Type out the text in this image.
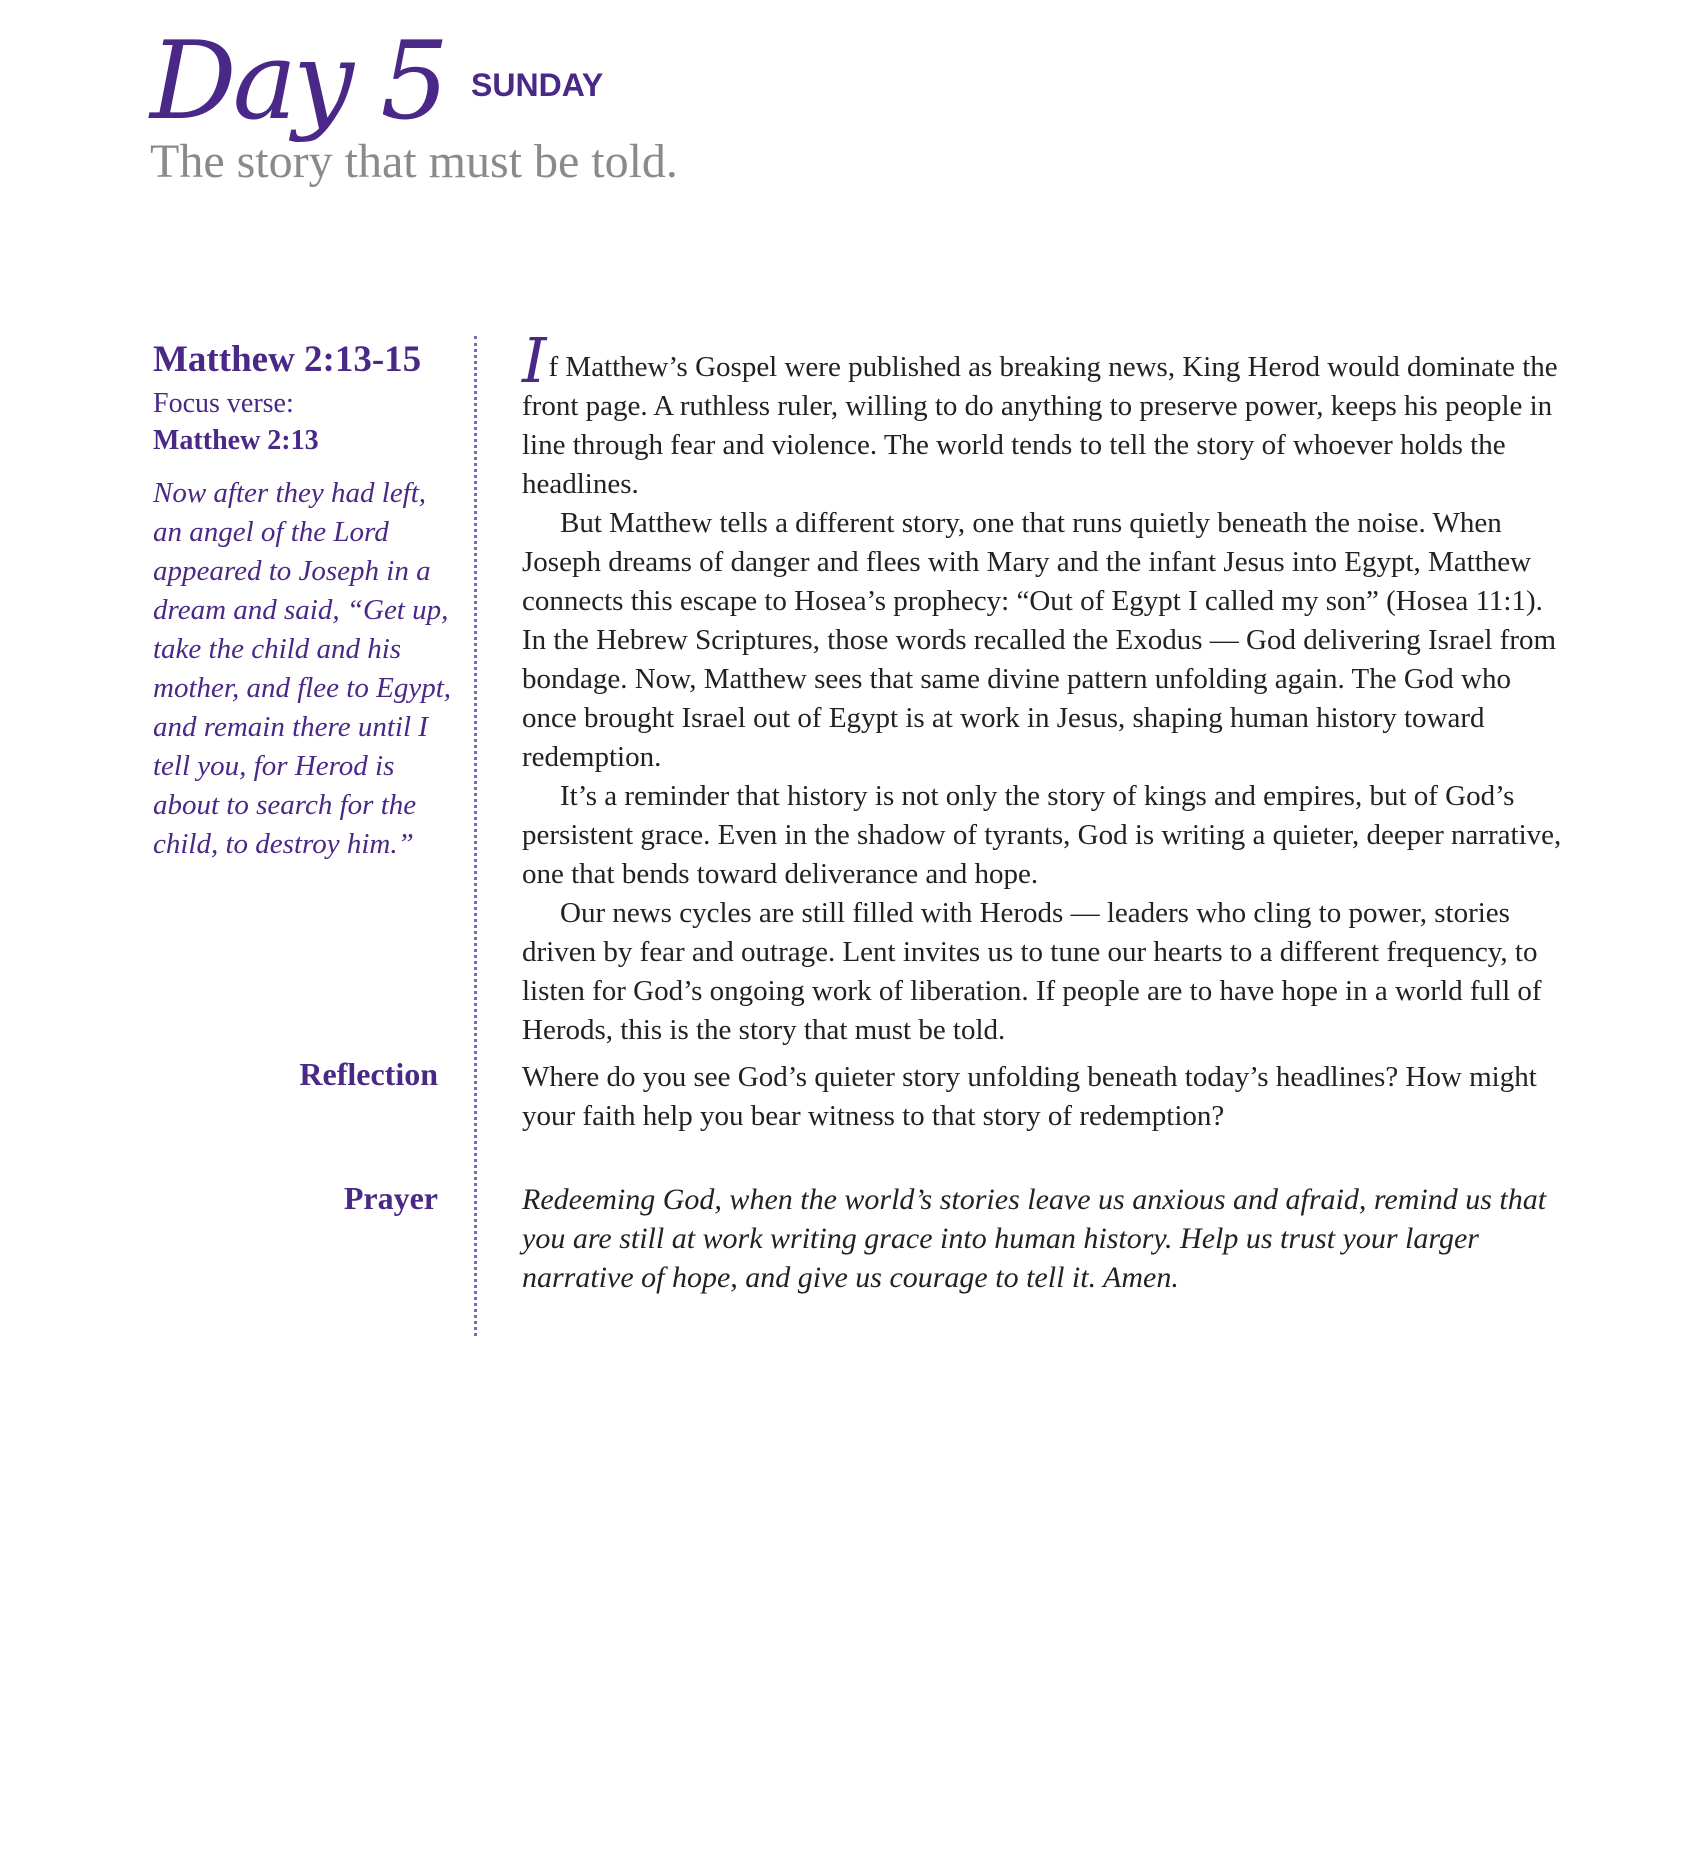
Day 5 SUNDAY
The story that must be told.
Matthew 2:13-15
Focus verse:
Matthew 2:13
Now after they had left, an angel of the Lord appeared to Joseph in a dream and said, “Get up, take the child and his mother, and flee to Egypt, and remain there until I tell you, for Herod is about to search for the child, to destroy him.”
Reflection
Prayer

If Matthew’s Gospel were published as breaking news, King Herod would dominate the front page. A ruthless ruler, willing to do anything to preserve power, keeps his people in line through fear and violence. The world tends to tell the story of whoever holds the headlines.

But Matthew tells a different story, one that runs quietly beneath the noise. When Joseph dreams of danger and flees with Mary and the infant Jesus into Egypt, Matthew connects this escape to Hosea’s prophecy: “Out of Egypt I called my son” (Hosea 11:1). In the Hebrew Scriptures, those words recalled the Exodus — God delivering Israel from bondage. Now, Matthew sees that same divine pattern unfolding again. The God who once brought Israel out of Egypt is at work in Jesus, shaping human history toward redemption.

It’s a reminder that history is not only the story of kings and empires, but of God’s persistent grace. Even in the shadow of tyrants, God is writing a quieter, deeper narrative, one that bends toward deliverance and hope.

Our news cycles are still filled with Herods — leaders who cling to power, stories driven by fear and outrage. Lent invites us to tune our hearts to a different frequency, to listen for God’s ongoing work of liberation. If people are to have hope in a world full of Herods, this is the story that must be told.

Where do you see God’s quieter story unfolding beneath today’s headlines? How might your faith help you bear witness to that story of redemption?

Redeeming God, when the world’s stories leave us anxious and afraid, remind us that you are still at work writing grace into human history. Help us trust your larger narrative of hope, and give us courage to tell it. Amen.
